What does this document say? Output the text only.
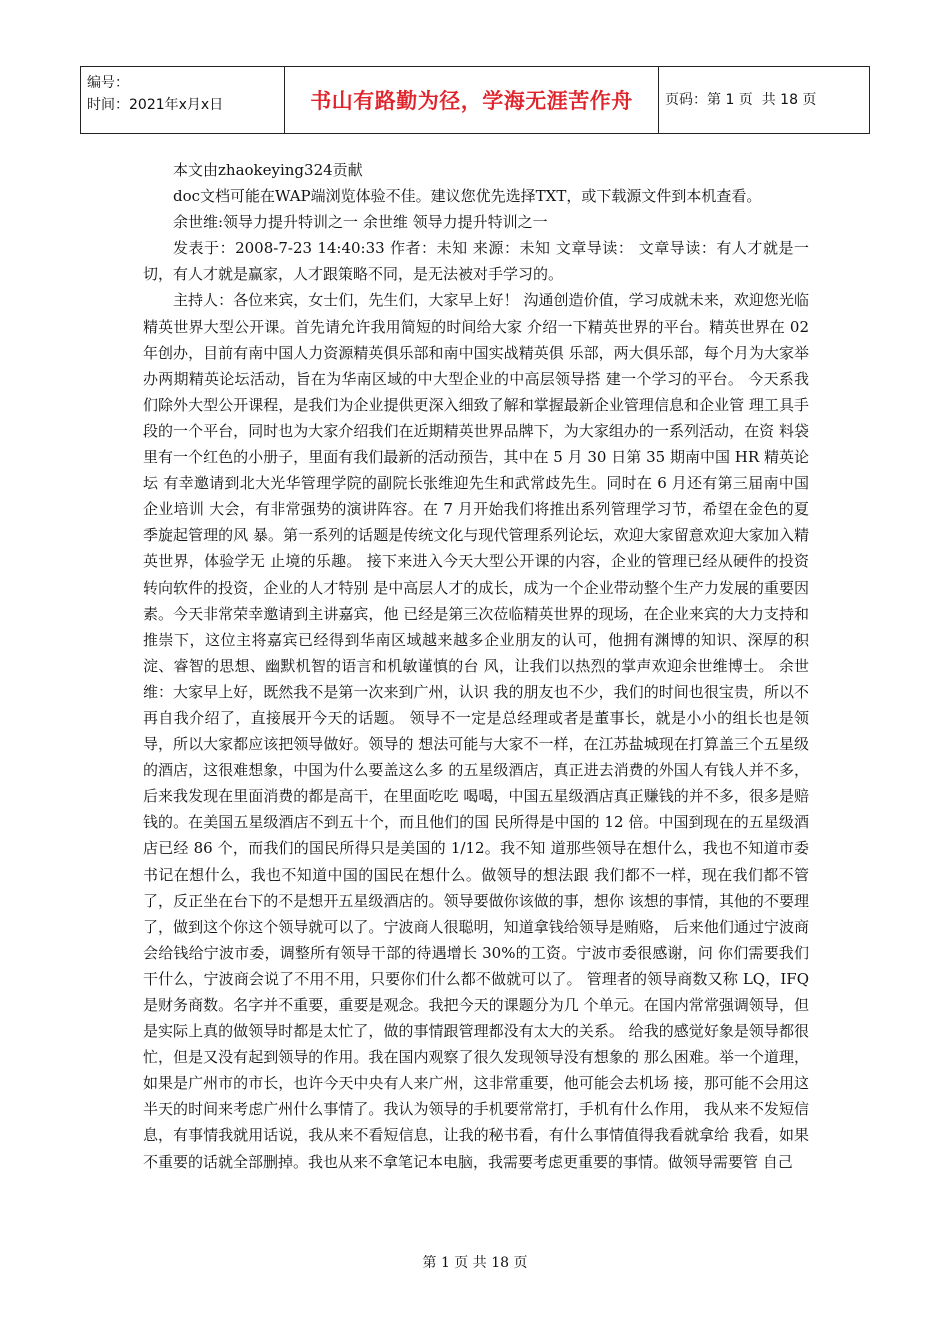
编号：
时间：2021年x月x日	书山有路勤为径，学海无涯苦作舟	页码：第 1 页  共 18 页

本文由zhaokeying324贡献

doc文档可能在WAP端浏览体验不佳。建议您优先选择TXT，或下载源文件到本机查看。

余世维:领导力提升特训之一 余世维 领导力提升特训之一

发表于：2008-7-23 14:40:33 作者：未知 来源：未知 文章导读： 文章导读：有人才就是一切，有人才就是赢家，人才跟策略不同，是无法被对手学习的。

主持人：各位来宾，女士们，先生们，大家早上好！ 沟通创造价值，学习成就未来，欢迎您光临精英世界大型公开课。首先请允许我用简短的时间给大家 介绍一下精英世界的平台。精英世界在 02 年创办，目前有南中国人力资源精英俱乐部和南中国实战精英俱 乐部，两大俱乐部，每个月为大家举办两期精英论坛活动，旨在为华南区域的中大型企业的中高层领导搭 建一个学习的平台。 今天系我们除外大型公开课程，是我们为企业提供更深入细致了解和掌握最新企业管理信息和企业管 理工具手段的一个平台，同时也为大家介绍我们在近期精英世界品牌下，为大家组办的一系列活动，在资 料袋里有一个红色的小册子，里面有我们最新的活动预告，其中在 5 月 30 日第 35 期南中国 HR 精英论坛 有幸邀请到北大光华管理学院的副院长张维迎先生和武常歧先生。同时在 6 月还有第三届南中国企业培训 大会，有非常强势的演讲阵容。在 7 月开始我们将推出系列管理学习节，希望在金色的夏季旋起管理的风 暴。第一系列的话题是传统文化与现代管理系列论坛，欢迎大家留意欢迎大家加入精英世界，体验学无 止境的乐趣。 接下来进入今天大型公开课的内容，企业的管理已经从硬件的投资转向软件的投资，企业的人才特别 是中高层人才的成长，成为一个企业带动整个生产力发展的重要因素。今天非常荣幸邀请到主讲嘉宾，他 已经是第三次莅临精英世界的现场，在企业来宾的大力支持和推崇下，这位主将嘉宾已经得到华南区域越来越多企业朋友的认可，他拥有渊博的知识、深厚的积淀、睿智的思想、幽默机智的语言和机敏谨慎的台 风，让我们以热烈的掌声欢迎余世维博士。 余世维：大家早上好，既然我不是第一次来到广州，认识 我的朋友也不少，我们的时间也很宝贵，所以不再自我介绍了，直接展开今天的话题。 领导不一定是总经理或者是董事长，就是小小的组长也是领导，所以大家都应该把领导做好。领导的 想法可能与大家不一样，在江苏盐城现在打算盖三个五星级的酒店，这很难想象，中国为什么要盖这么多 的五星级酒店，真正进去消费的外国人有钱人并不多，后来我发现在里面消费的都是高干，在里面吃吃 喝喝，中国五星级酒店真正赚钱的并不多，很多是赔钱的。在美国五星级酒店不到五十个，而且他们的国 民所得是中国的 12 倍。中国到现在的五星级酒店已经 86 个，而我们的国民所得只是美国的 1/12。我不知 道那些领导在想什么，我也不知道市委书记在想什么，我也不知道中国的国民在想什么。做领导的想法跟 我们都不一样，现在我们都不管了，反正坐在台下的不是想开五星级酒店的。领导要做你该做的事，想你 该想的事情，其他的不要理了，做到这个你这个领导就可以了。宁波商人很聪明，知道拿钱给领导是贿赂， 后来他们通过宁波商会给钱给宁波市委，调整所有领导干部的待遇增长 30%的工资。宁波市委很感谢，问 你们需要我们干什么，宁波商会说了不用不用，只要你们什么都不做就可以了。 管理者的领导商数又称 LQ，IFQ 是财务商数。名字并不重要，重要是观念。我把今天的课题分为几 个单元。在国内常常强调领导，但是实际上真的做领导时都是太忙了，做的事情跟管理都没有太大的关系。 给我的感觉好象是领导都很忙，但是又没有起到领导的作用。我在国内观察了很久发现领导没有想象的 那么困难。举一个道理，如果是广州市的市长，也许今天中央有人来广州，这非常重要，他可能会去机场 接，那可能不会用这半天的时间来考虑广州什么事情了。我认为领导的手机要常常打，手机有什么作用， 我从来不发短信息，有事情我就用话说，我从来不看短信息，让我的秘书看，有什么事情值得我看就拿给 我看，如果不重要的话就全部删掉。我也从来不拿笔记本电脑，我需要考虑更重要的事情。做领导需要管 自己

第 1 页 共 18 页
